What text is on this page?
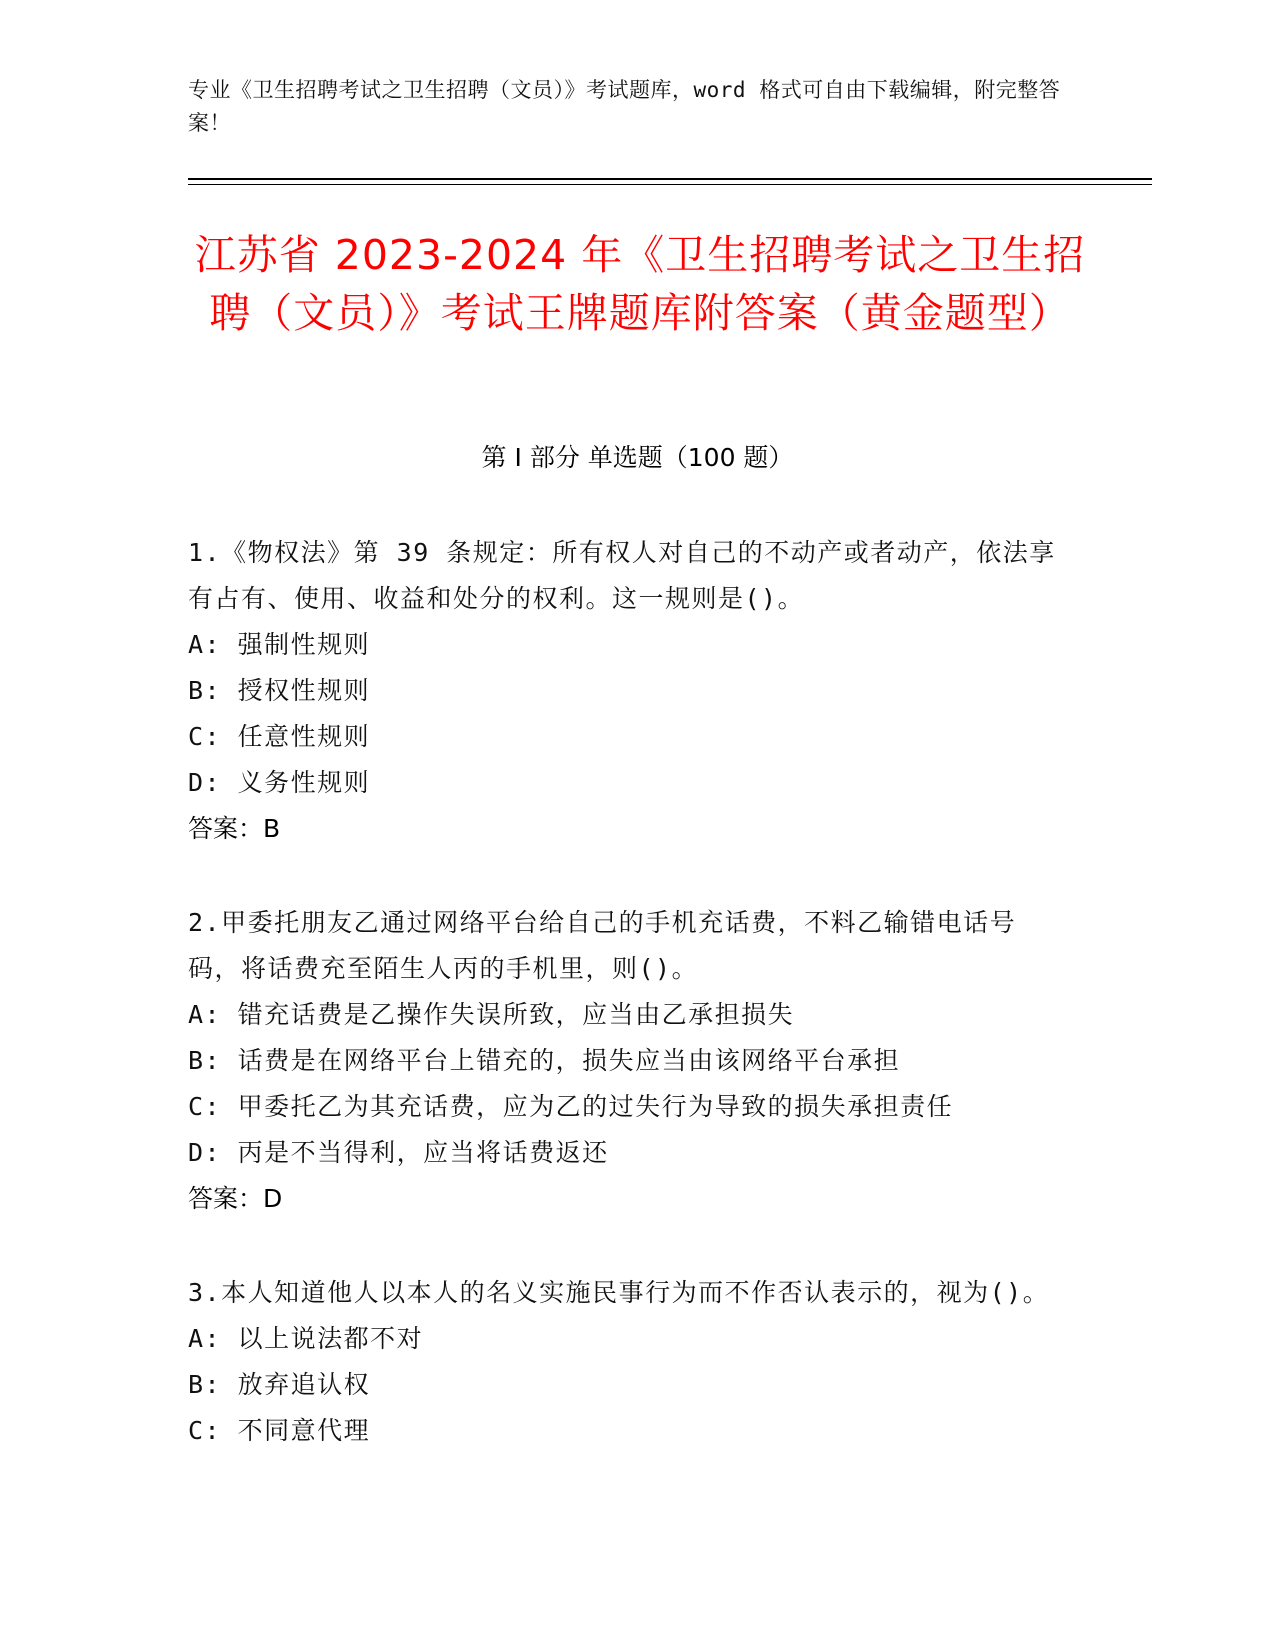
专业《卫生招聘考试之卫生招聘（文员）》考试题库，word 格式可自由下载编辑，附完整答案！
江苏省 2023-2024 年《卫生招聘考试之卫生招聘（文员）》考试王牌题库附答案（黄金题型）
第 I 部分 单选题（100 题）
1.《物权法》第 39 条规定：所有权人对自己的不动产或者动产，依法享有占有、使用、收益和处分的权利。这一规则是()。
A: 强制性规则
B: 授权性规则
C: 任意性规则
D: 义务性规则
答案：B
2.甲委托朋友乙通过网络平台给自己的手机充话费，不料乙输错电话号码，将话费充至陌生人丙的手机里，则()。
A: 错充话费是乙操作失误所致，应当由乙承担损失
B: 话费是在网络平台上错充的，损失应当由该网络平台承担
C: 甲委托乙为其充话费，应为乙的过失行为导致的损失承担责任
D: 丙是不当得利，应当将话费返还
答案：D
3.本人知道他人以本人的名义实施民事行为而不作否认表示的，视为()。
A: 以上说法都不对
B: 放弃追认权
C: 不同意代理
